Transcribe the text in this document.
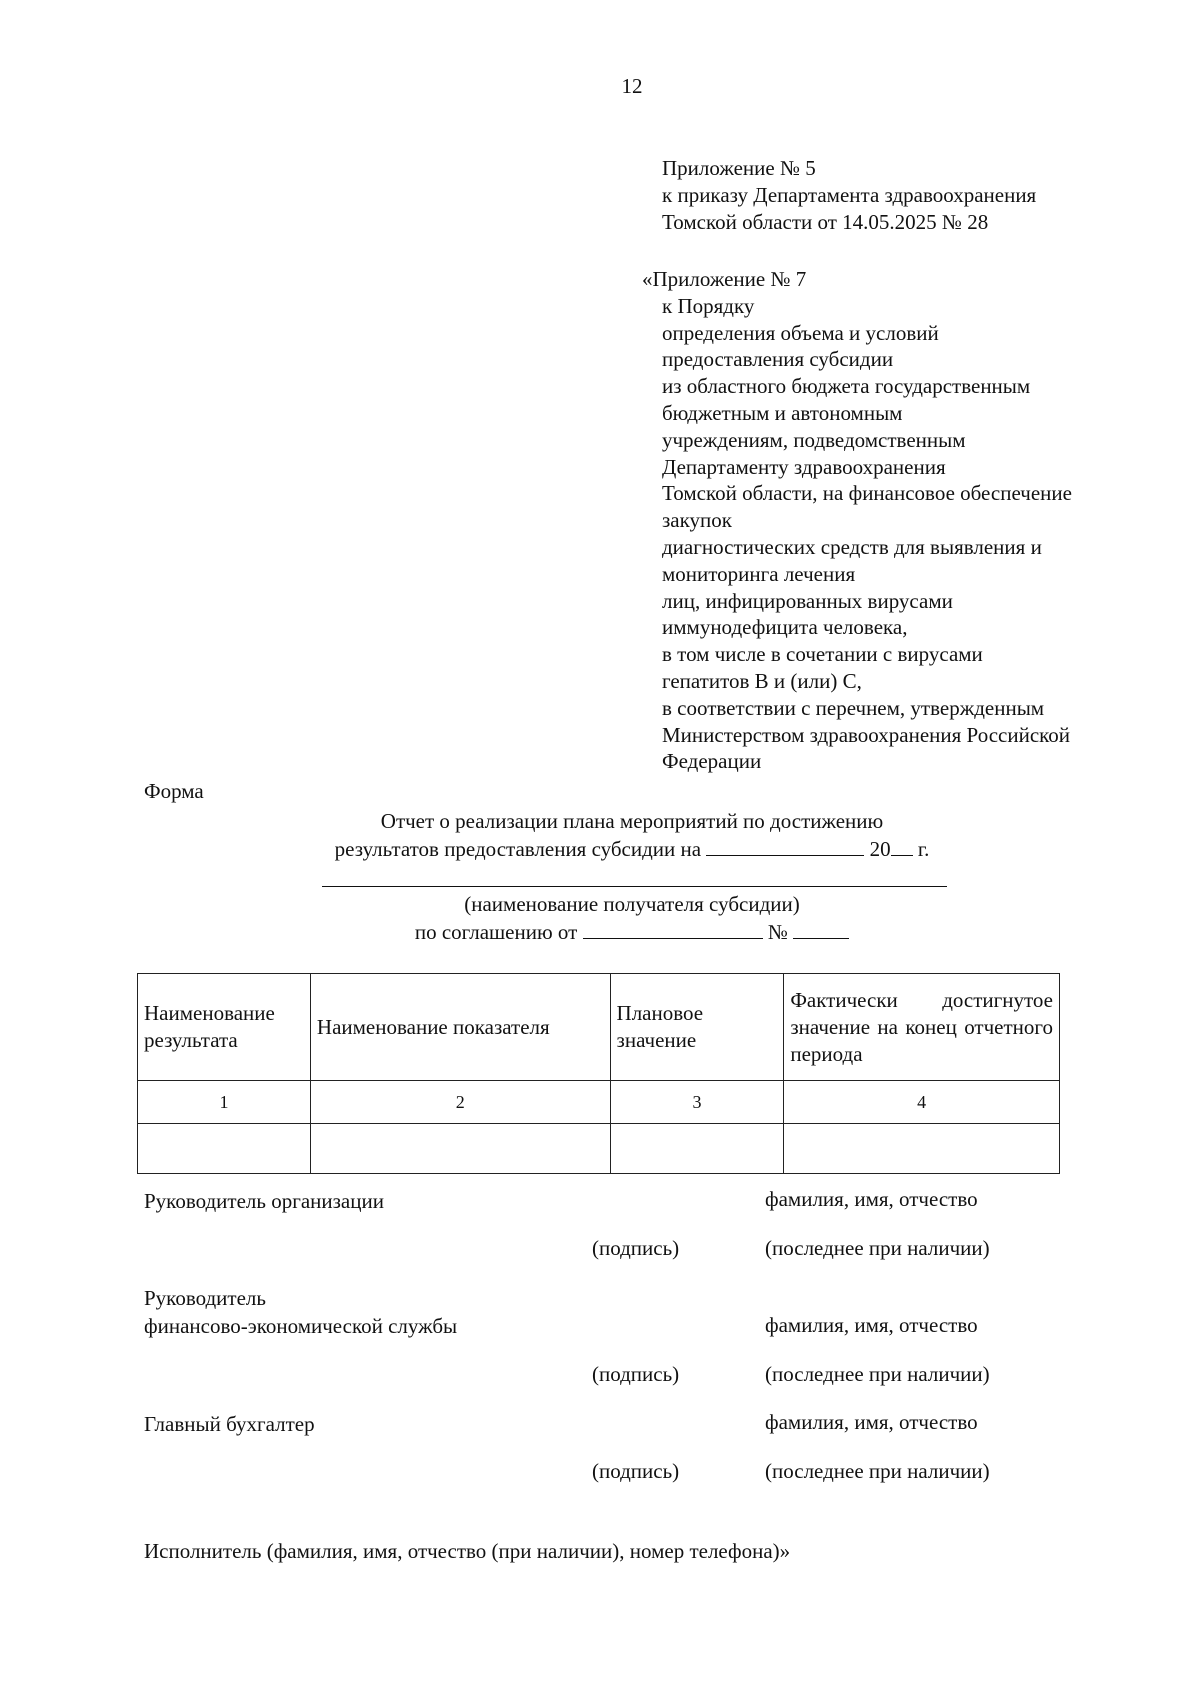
12
Приложение № 5
к приказу Департамента здравоохранения
Томской области от 14.05.2025 № 28
«Приложение № 7
к Порядку
определения объема и условий
предоставления субсидии
из областного бюджета государственным
бюджетным и автономным
учреждениям, подведомственным
Департаменту здравоохранения
Томской области, на финансовое обеспечение
закупок
диагностических средств для выявления и
мониторинга лечения
лиц, инфицированных вирусами
иммунодефицита человека,
в том числе в сочетании с вирусами
гепатитов В и (или) С,
в соответствии с перечнем, утвержденным
Министерством здравоохранения Российской
Федерации
Форма
Отчет о реализации плана мероприятий по достижению
результатов предоставления субсидии на	20 г.
(наименование получателя субсидии)
по соглашению от	№
Наименование результата	Наименование показателя	Плановое значение	Фактически достигнутое значение на конец отчетного периода
1	2	3	4

Руководитель организации	фамилия, имя, отчество
(подпись)	(последнее при наличии)
Руководитель
финансово-экономической службы	фамилия, имя, отчество
(подпись)	(последнее при наличии)
Главный бухгалтер	фамилия, имя, отчество
(подпись)	(последнее при наличии)
Исполнитель (фамилия, имя, отчество (при наличии), номер телефона)»
